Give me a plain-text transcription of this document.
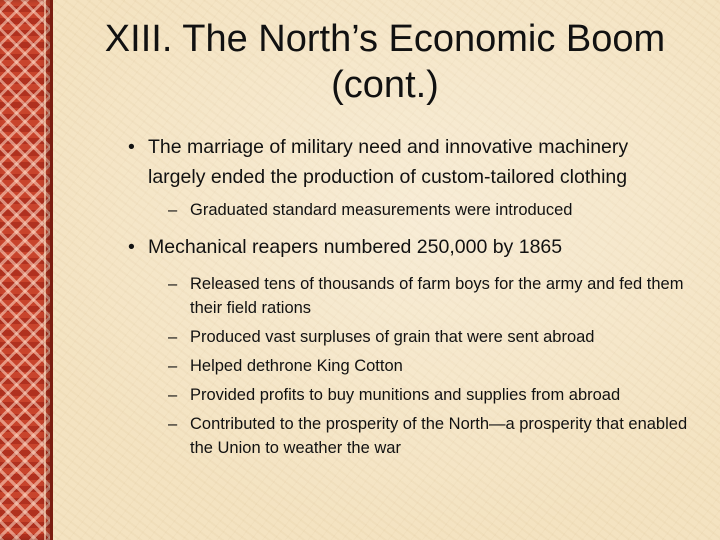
XIII. The North’s Economic Boom
(cont.)
• The marriage of military need and innovative machinery largely ended the production of custom-tailored clothing
– Graduated standard measurements were introduced
• Mechanical reapers numbered 250,000 by 1865
– Released tens of thousands of farm boys for the army and fed them their field rations
– Produced vast surpluses of grain that were sent abroad
– Helped dethrone King Cotton
– Provided profits to buy munitions and supplies from abroad
– Contributed to the prosperity of the North—a prosperity that enabled the Union to weather the war
